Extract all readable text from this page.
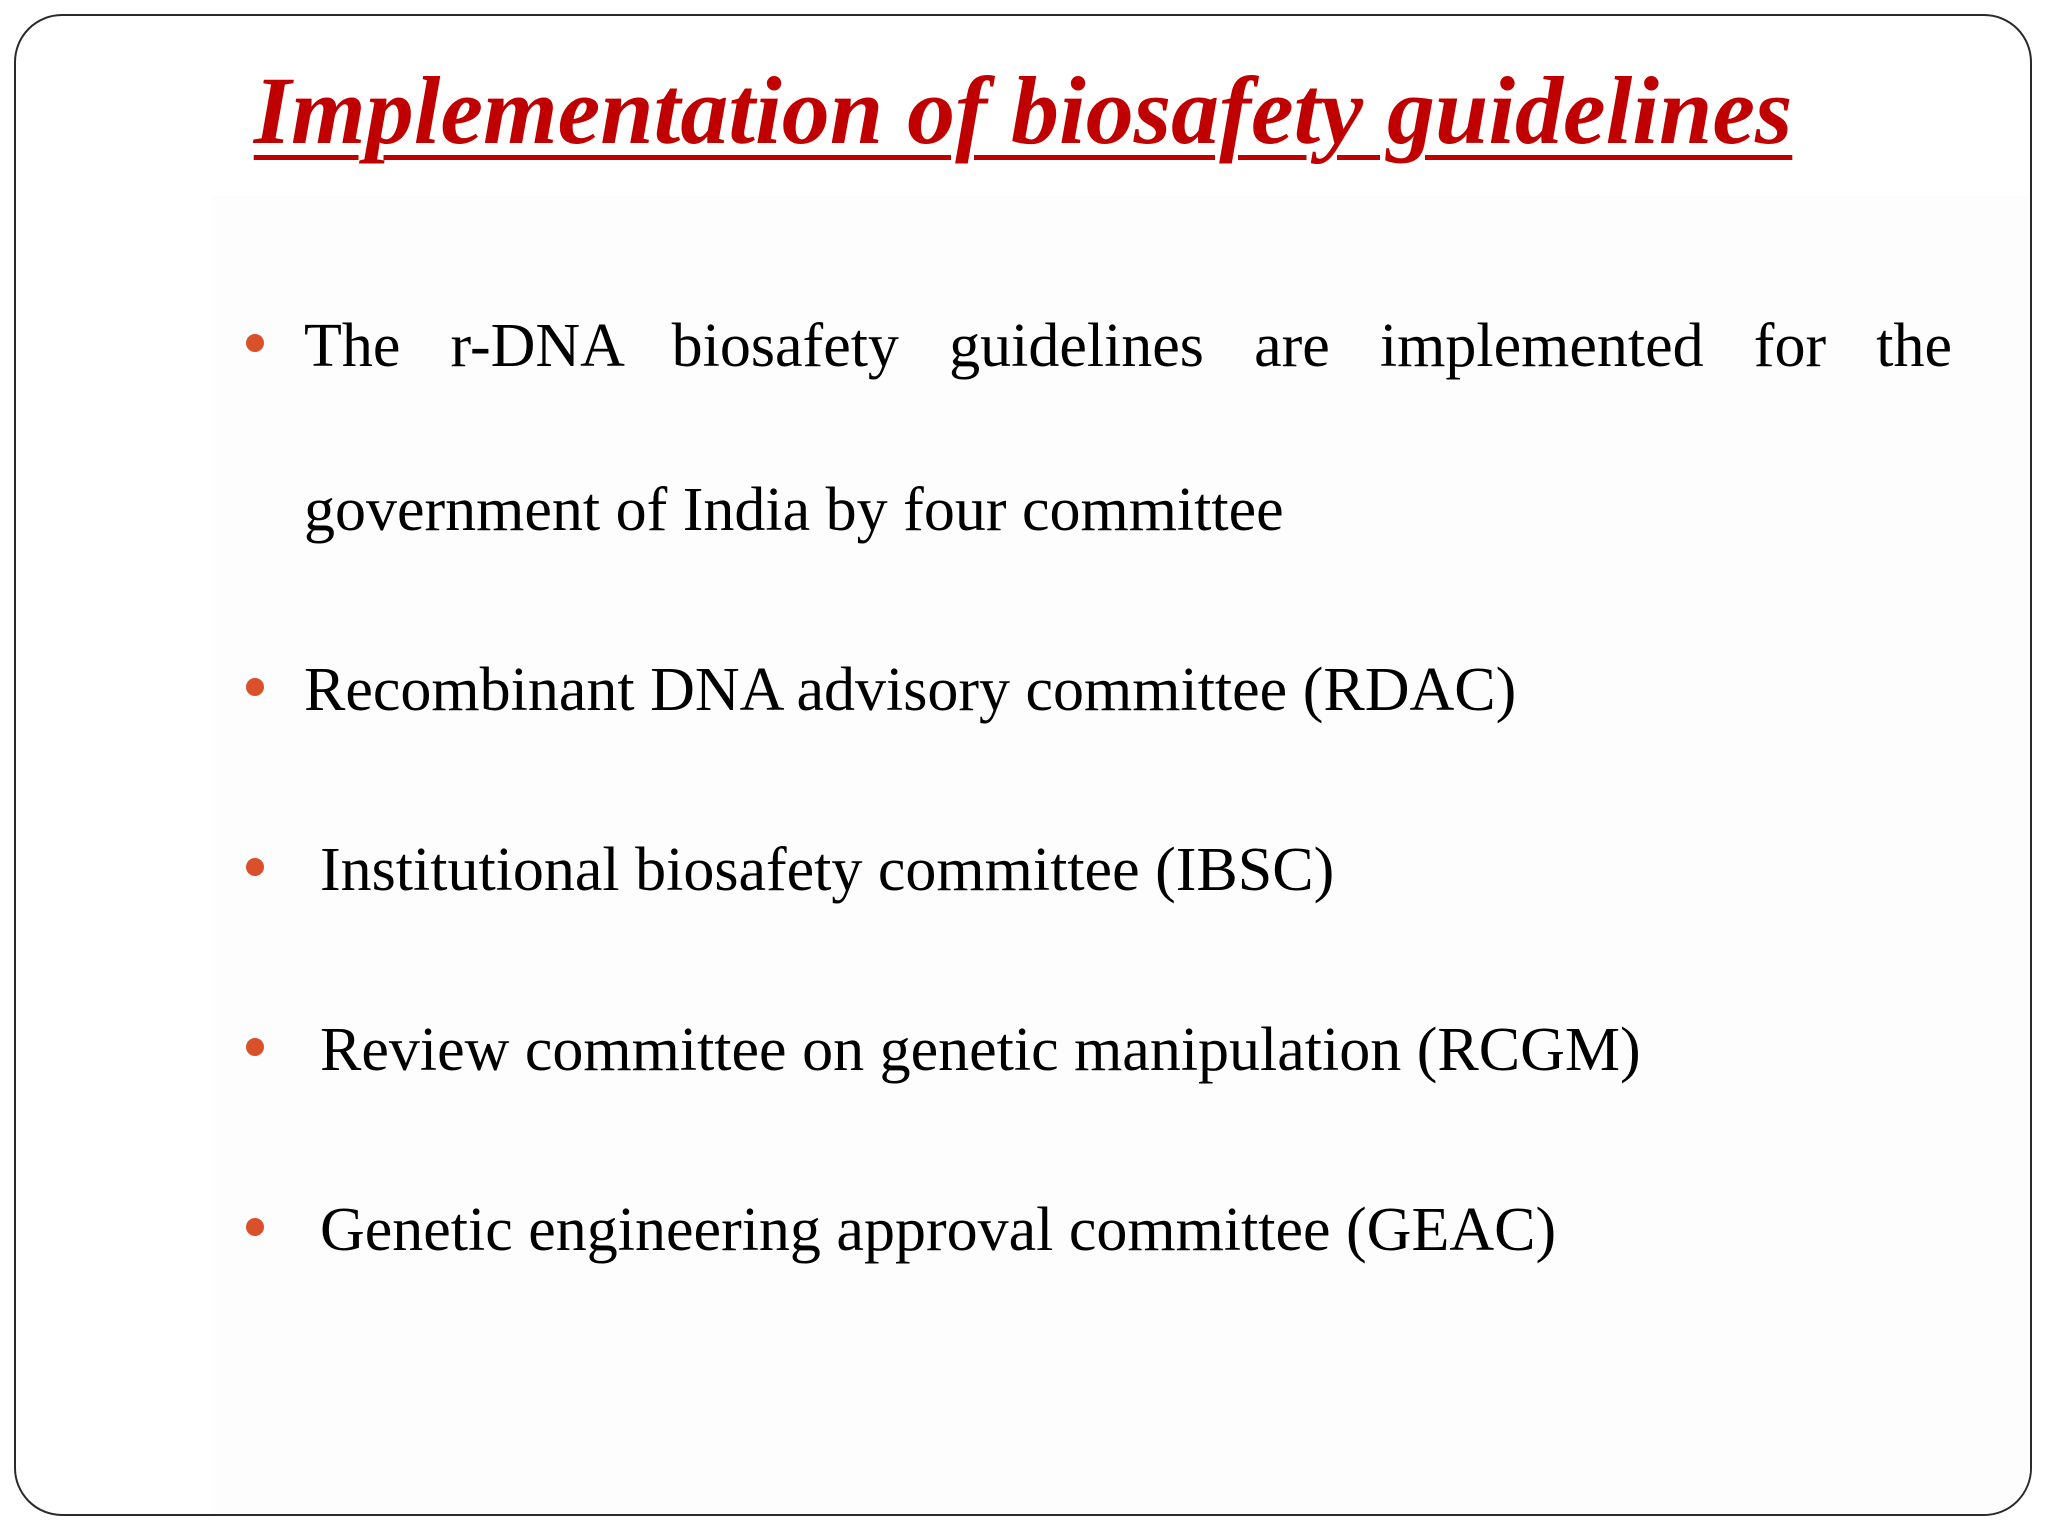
Implementation of biosafety guidelines
The r-DNA biosafety guidelines are implemented for the government of India by four committee
Recombinant DNA advisory committee (RDAC)
Institutional biosafety committee (IBSC)
Review committee on genetic manipulation (RCGM)
Genetic engineering approval committee (GEAC)
